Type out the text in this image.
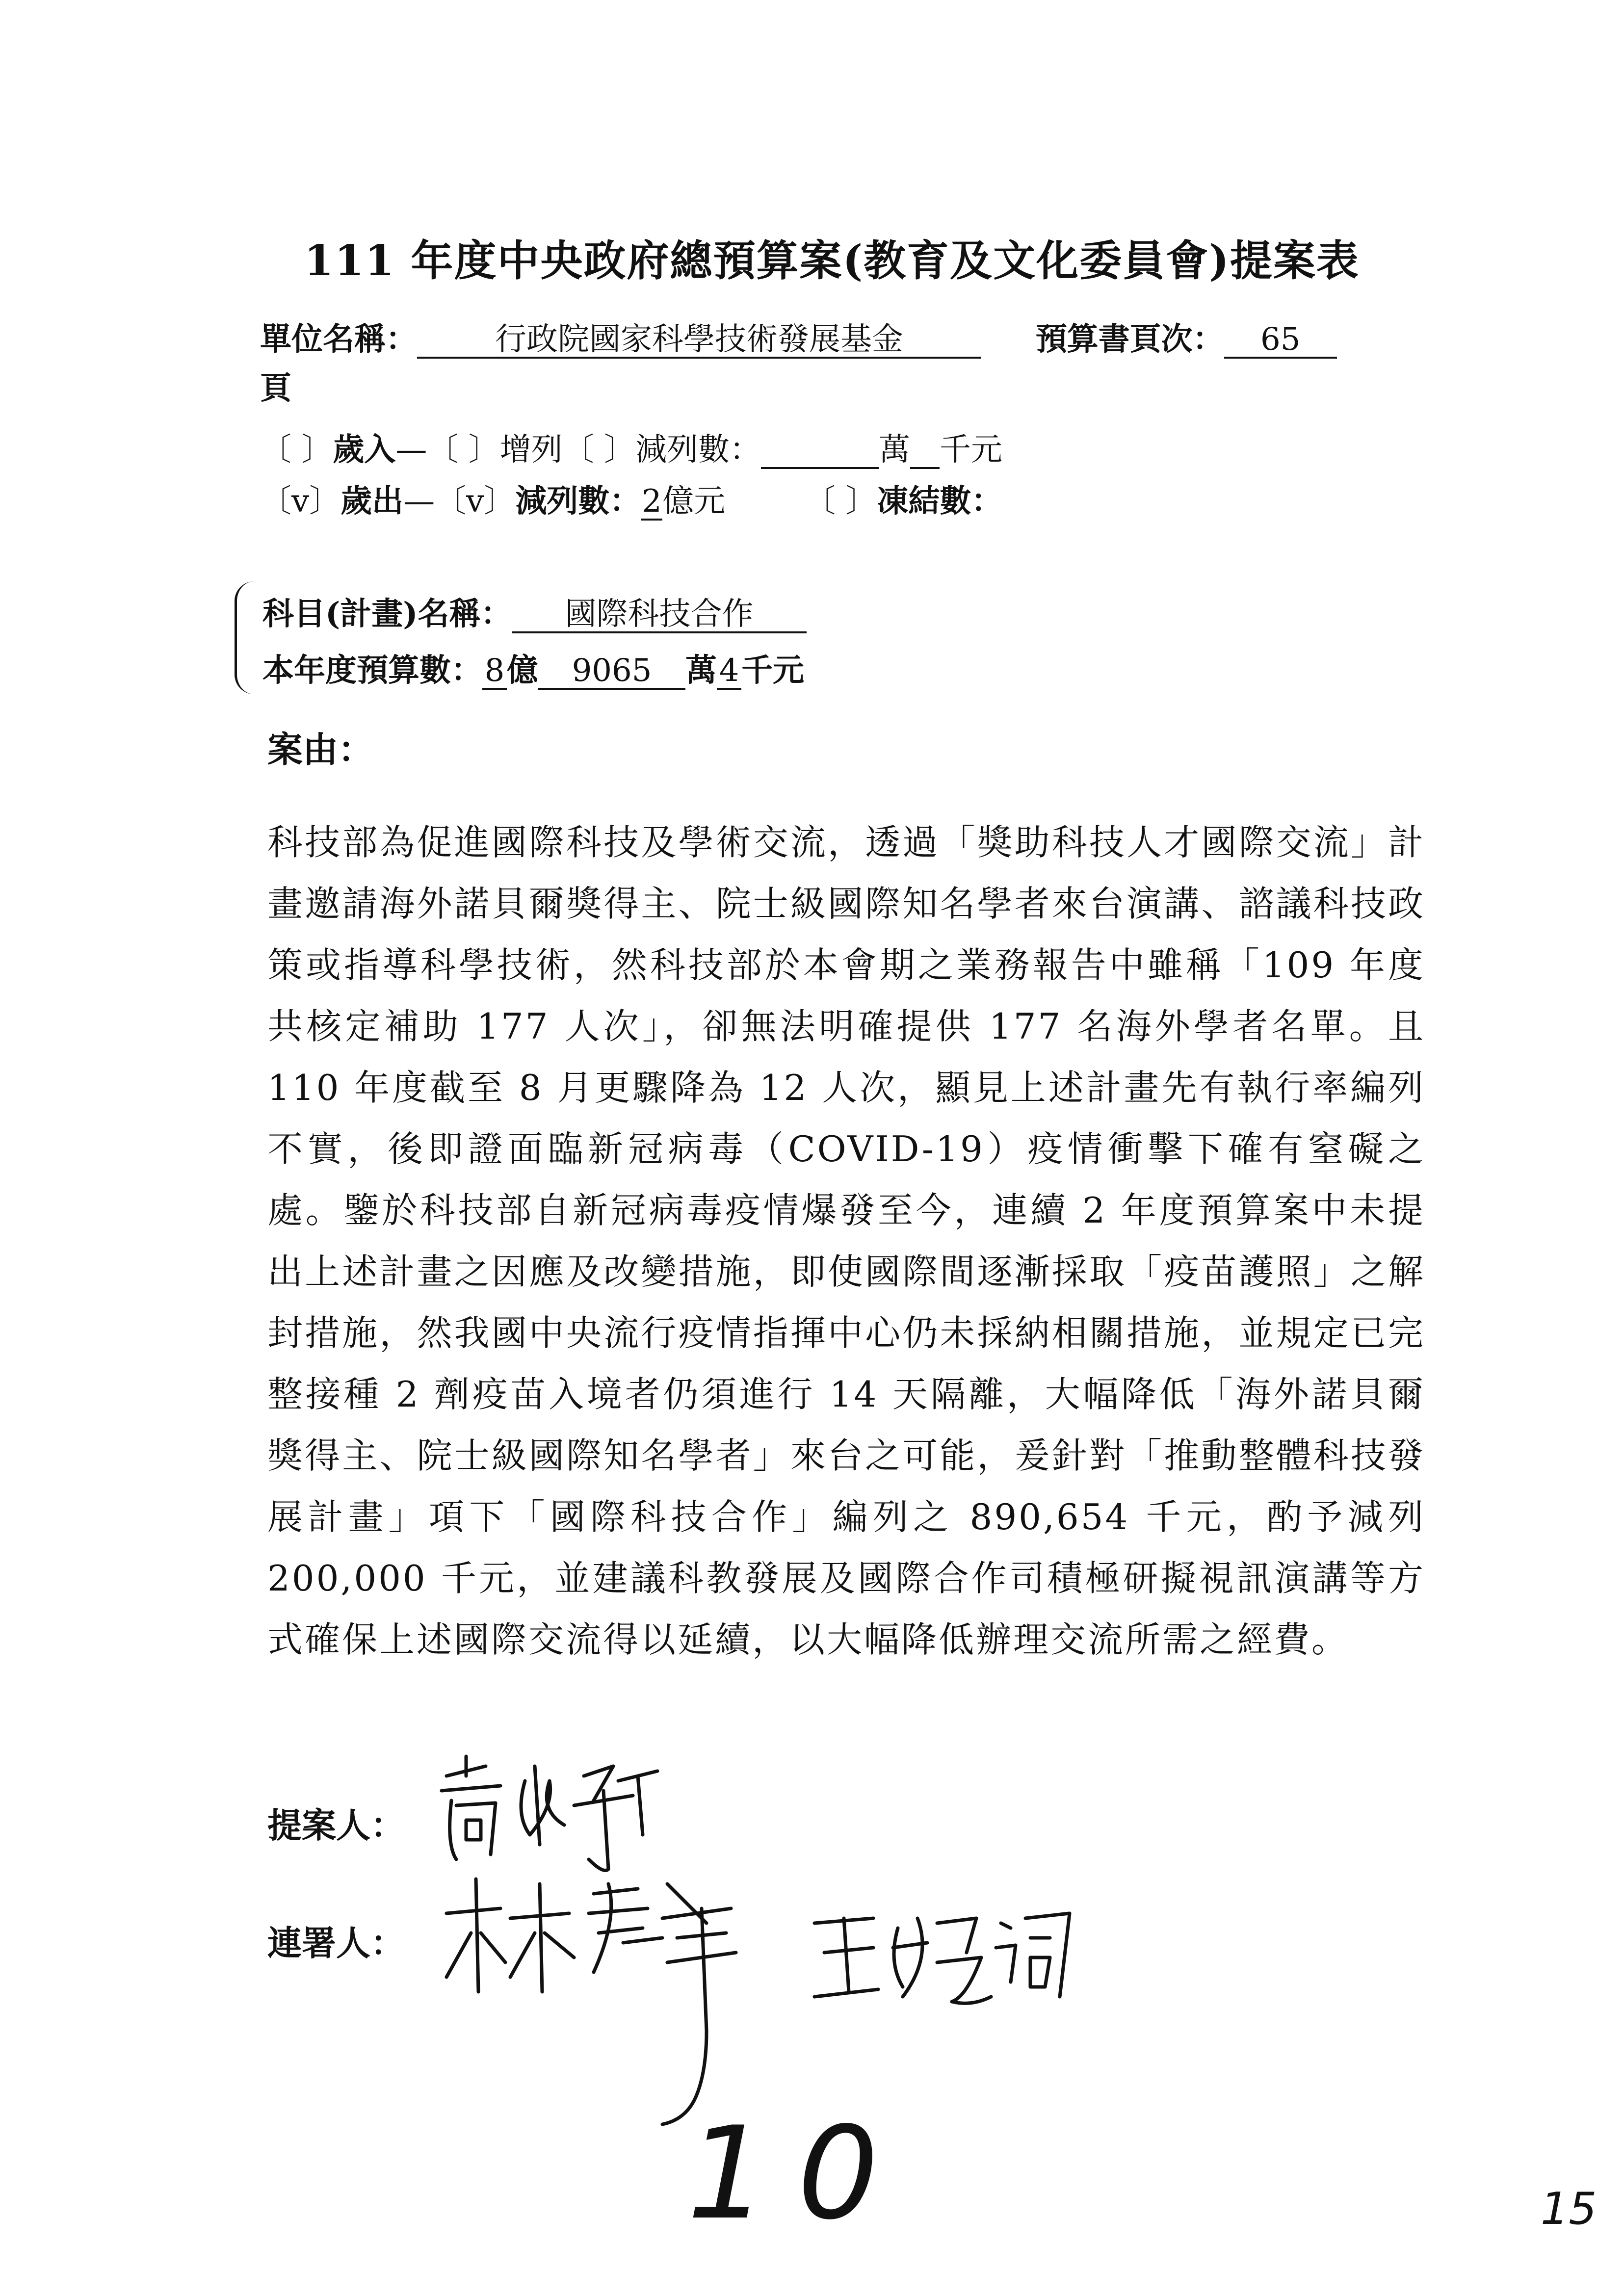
111 年度中央政府總預算案(教育及文化委員會)提案表
單位名稱： 行政院國家科學技術發展基金	預算書頁次： 65
頁
〔 〕歲入—〔 〕增列〔 〕減列數：	萬 千元
〔v〕歲出—〔v〕減列數：2億元	〔 〕凍結數：
科目(計畫)名稱： 國際科技合作
本年度預算數：8億 9065 萬4千元
案由：
科技部為促進國際科技及學術交流，透過「獎助科技人才國際交流」計畫邀請海外諾貝爾獎得主、院士級國際知名學者來台演講、諮議科技政策或指導科學技術，然科技部於本會期之業務報告中雖稱「109 年度共核定補助 177 人次」，卻無法明確提供 177 名海外學者名單。且 110 年度截至 8 月更驟降為 12 人次，顯見上述計畫先有執行率編列不實，後即證面臨新冠病毒（COVID-19）疫情衝擊下確有窒礙之處。鑒於科技部自新冠病毒疫情爆發至今，連續 2 年度預算案中未提出上述計畫之因應及改變措施，即使國際間逐漸採取「疫苗護照」之解封措施，然我國中央流行疫情指揮中心仍未採納相關措施，並規定已完整接種 2 劑疫苗入境者仍須進行 14 天隔離，大幅降低「海外諾貝爾獎得主、院士級國際知名學者」來台之可能，爰針對「推動整體科技發展計畫」項下「國際科技合作」編列之 890,654 千元，酌予減列 200,000 千元，並建議科教發展及國際合作司積極研擬視訊演講等方式確保上述國際交流得以延續，以大幅降低辦理交流所需之經費。
提案人：
連署人：
10	15
